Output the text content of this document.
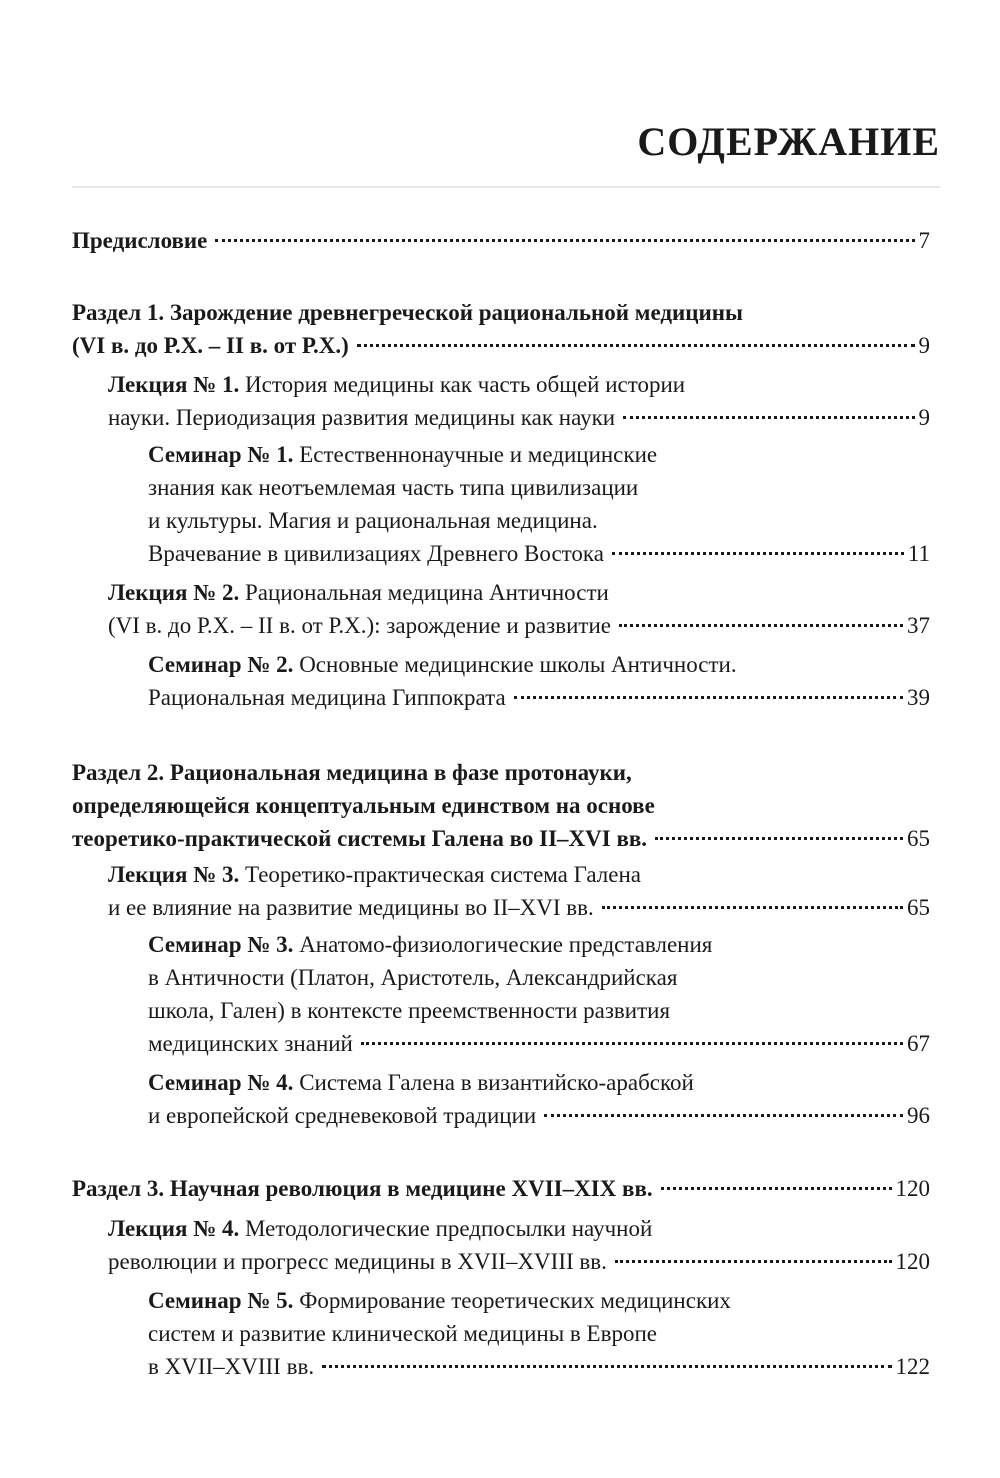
СОДЕРЖАНИЕ
Предисловие	7
Раздел 1. Зарождение древнегреческой рациональной медицины
(VI в. до Р.Х. – II в. от Р.Х.)	9
Лекция № 1. История медицины как часть общей истории
науки. Периодизация развития медицины как науки	9
Семинар № 1. Естественнонаучные и медицинские
знания как неотъемлемая часть типа цивилизации
и культуры. Магия и рациональная медицина.
Врачевание в цивилизациях Древнего Востока	11
Лекция № 2. Рациональная медицина Античности
(VI в. до Р.Х. – II в. от Р.Х.): зарождение и развитие	37
Семинар № 2. Основные медицинские школы Античности.
Рациональная медицина Гиппократа	39
Раздел 2. Рациональная медицина в фазе протонауки,
определяющейся концептуальным единством на основе
теоретико-практической системы Галена во II–XVI вв.	65
Лекция № 3. Теоретико-практическая система Галена
и ее влияние на развитие медицины во II–XVI вв.	65
Семинар № 3. Анатомо-физиологические представления
в Античности (Платон, Аристотель, Александрийская
школа, Гален) в контексте преемственности развития
медицинских знаний	67
Семинар № 4. Система Галена в византийско-арабской
и европейской средневековой традиции	96
Раздел 3. Научная революция в медицине XVII–XIX вв.	120
Лекция № 4. Методологические предпосылки научной
революции и прогресс медицины в XVII–XVIII вв.	120
Семинар № 5. Формирование теоретических медицинских
систем и развитие клинической медицины в Европе
в XVII–XVIII вв.	122
